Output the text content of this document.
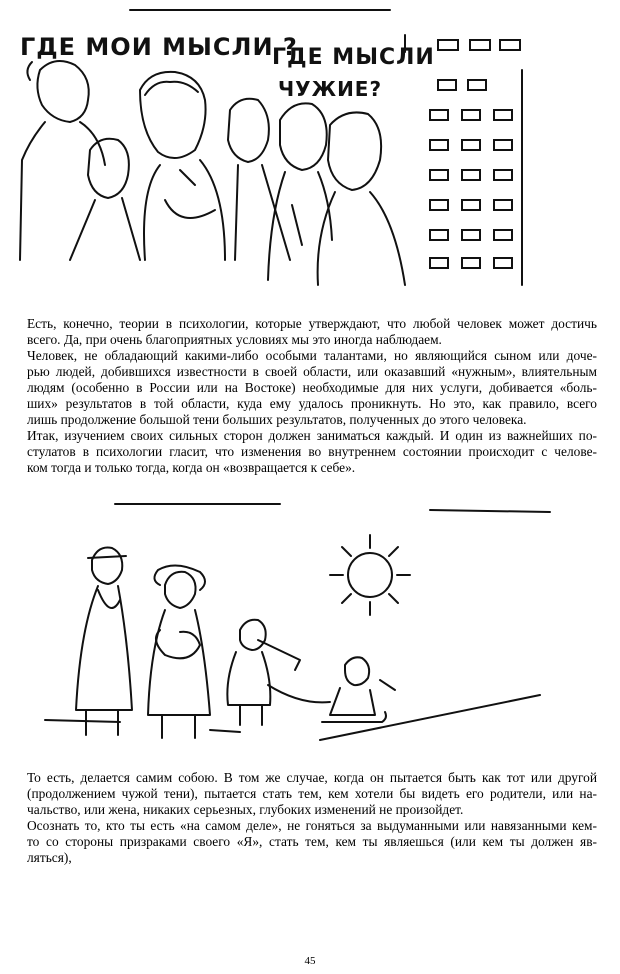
ГДЕ МОИ МЫСЛИ ?
ГДЕ МЫСЛИ
ЧУЖИЕ?
Есть, конечно, теории в психологии, которые утверждают, что любой человек может достичь
всего. Да, при очень благоприятных условиях мы это иногда наблюдаем.
Человек, не обладающий какими-либо особыми талантами, но являющийся сыном или доче-
рью людей, добившихся известности в своей области, или оказавший «нужным», влиятельным
людям (особенно в России или на Востоке) необходимые для них услуги, добивается «боль-
ших» результатов в той области, куда ему удалось проникнуть. Но это, как правило, всего
лишь продолжение большой тени больших результатов, полученных до этого человека.
Итак, изучением своих сильных сторон должен заниматься каждый. И один из важнейших по-
стулатов в психологии гласит, что изменения во внутреннем состоянии происходит с челове-
ком тогда и только тогда, когда он «возвращается к себе».
То есть, делается самим собою. В том же случае, когда он пытается быть как тот или другой
(продолжением чужой тени), пытается стать тем, кем хотели бы видеть его родители, или на-
чальство, или жена, никаких серьезных, глубоких изменений не произойдет.
Осознать то, кто ты есть «на самом деле», не гоняться за выдуманными или навязанными кем-
то со стороны призраками своего «Я», стать тем, кем ты являешься (или кем ты должен яв-
ляться),
45
